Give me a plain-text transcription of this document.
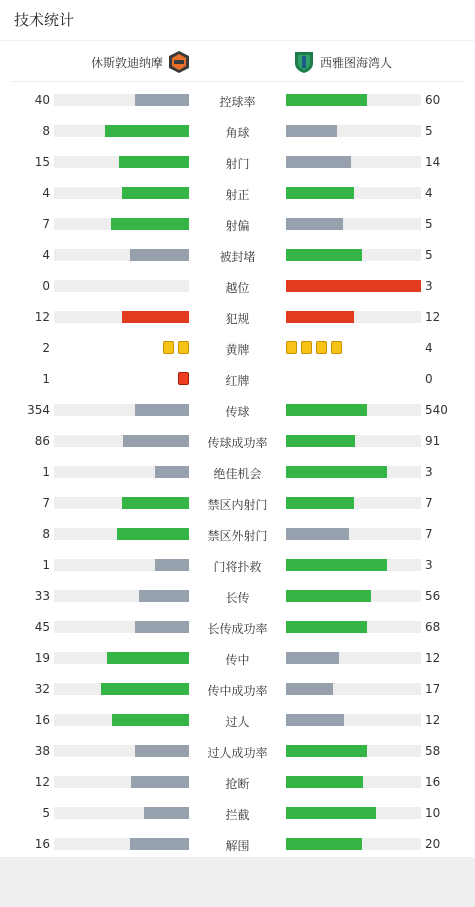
技术统计
休斯敦迪纳摩	西雅图海湾人
40	控球率	60
8	角球	5
15	射门	14
4	射正	4
7	射偏	5
4	被封堵	5
0	越位	3
12	犯规	12
2	黄牌	4
1	红牌	0
354	传球	540
86	传球成功率	91
1	绝佳机会	3
7	禁区内射门	7
8	禁区外射门	7
1	门将扑救	3
33	长传	56
45	长传成功率	68
19	传中	12
32	传中成功率	17
16	过人	12
38	过人成功率	58
12	抢断	16
5	拦截	10
16	解围	20
